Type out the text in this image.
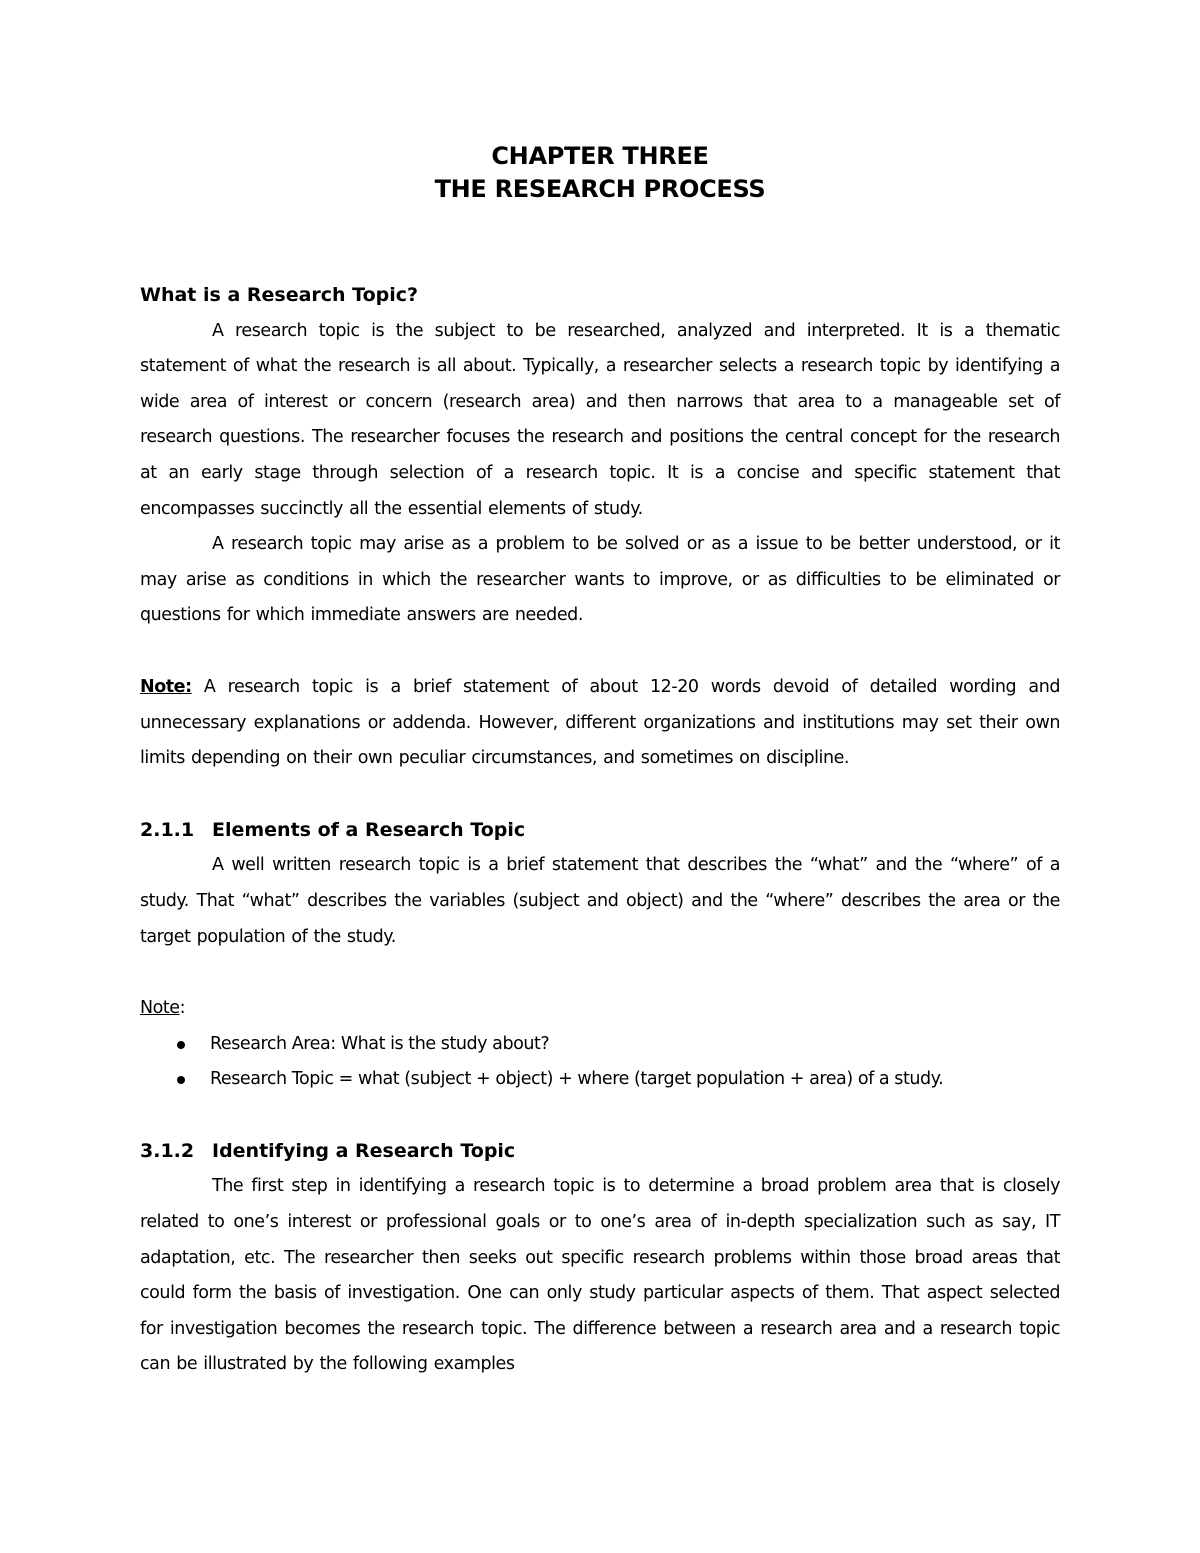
CHAPTER THREE
THE RESEARCH PROCESS
What is a Research Topic?

A research topic is the subject to be researched, analyzed and interpreted. It is a thematic statement of what the research is all about. Typically, a researcher selects a research topic by identifying a wide area of interest or concern (research area) and then narrows that area to a manageable set of research questions. The researcher focuses the research and positions the central concept for the research at an early stage through selection of a research topic. It is a concise and specific statement that encompasses succinctly all the essential elements of study.

A research topic may arise as a problem to be solved or as a issue to be better understood, or it may arise as conditions in which the researcher wants to improve, or as difficulties to be eliminated or questions for which immediate answers are needed.

Note: A research topic is a brief statement of about 12-20 words devoid of detailed wording and unnecessary explanations or addenda. However, different organizations and institutions may set their own limits depending on their own peculiar circumstances, and sometimes on discipline.

2.1.1 Elements of a Research Topic

A well written research topic is a brief statement that describes the “what” and the “where” of a study. That “what” describes the variables (subject and object) and the “where” describes the area or the target population of the study.

Note:

Research Area: What is the study about?
Research Topic = what (subject + object) + where (target population + area) of a study.
3.1.2 Identifying a Research Topic

The first step in identifying a research topic is to determine a broad problem area that is closely related to one’s interest or professional goals or to one’s area of in-depth specialization such as say, IT adaptation, etc. The researcher then seeks out specific research problems within those broad areas that could form the basis of investigation. One can only study particular aspects of them. That aspect selected for investigation becomes the research topic. The difference between a research area and a research topic can be illustrated by the following examples
